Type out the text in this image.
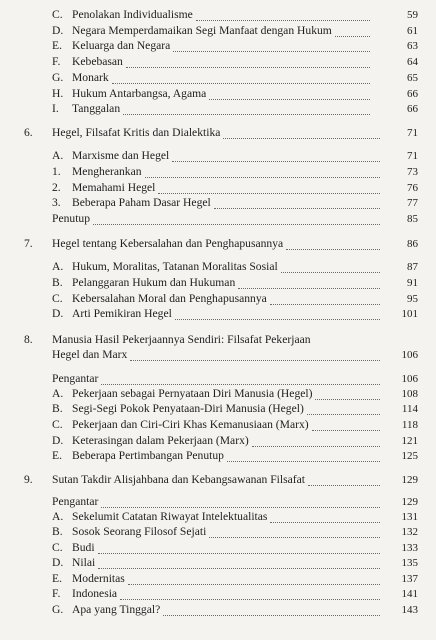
C. Penolakan Individualisme	59
D. Negara Memperdamaikan Segi Manfaat dengan Hukum	61
E. Keluarga dan Negara	63
F. Kebebasan	64
G. Monark	65
H. Hukum Antarbangsa, Agama	66
I. Tanggalan	66
6. Hegel, Filsafat Kritis dan Dialektika	71
A. Marxisme dan Hegel	71
1. Mengherankan	73
2. Memahami Hegel	76
3. Beberapa Paham Dasar Hegel	77
Penutup	85
7. Hegel tentang Kebersalahan dan Penghapusannya	86
A. Hukum, Moralitas, Tatanan Moralitas Sosial	87
B. Pelanggaran Hukum dan Hukuman	91
C. Kebersalahan Moral dan Penghapusannya	95
D. Arti Pemikiran Hegel	101
8. Manusia Hasil Pekerjaannya Sendiri: Filsafat Pekerjaan
Hegel dan Marx	106
Pengantar	106
A. Pekerjaan sebagai Pernyataan Diri Manusia (Hegel)	108
B. Segi-Segi Pokok Penyataan-Diri Manusia (Hegel)	114
C. Pekerjaan dan Ciri-Ciri Khas Kemanusiaan (Marx)	118
D. Keterasingan dalam Pekerjaan (Marx)	121
E. Beberapa Pertimbangan Penutup	125
9. Sutan Takdir Alisjahbana dan Kebangsawanan Filsafat	129
Pengantar	129
A. Sekelumit Catatan Riwayat Intelektualitas	131
B. Sosok Seorang Filosof Sejati	132
C. Budi	133
D. Nilai	135
E. Modernitas	137
F. Indonesia	141
G. Apa yang Tinggal?	143
